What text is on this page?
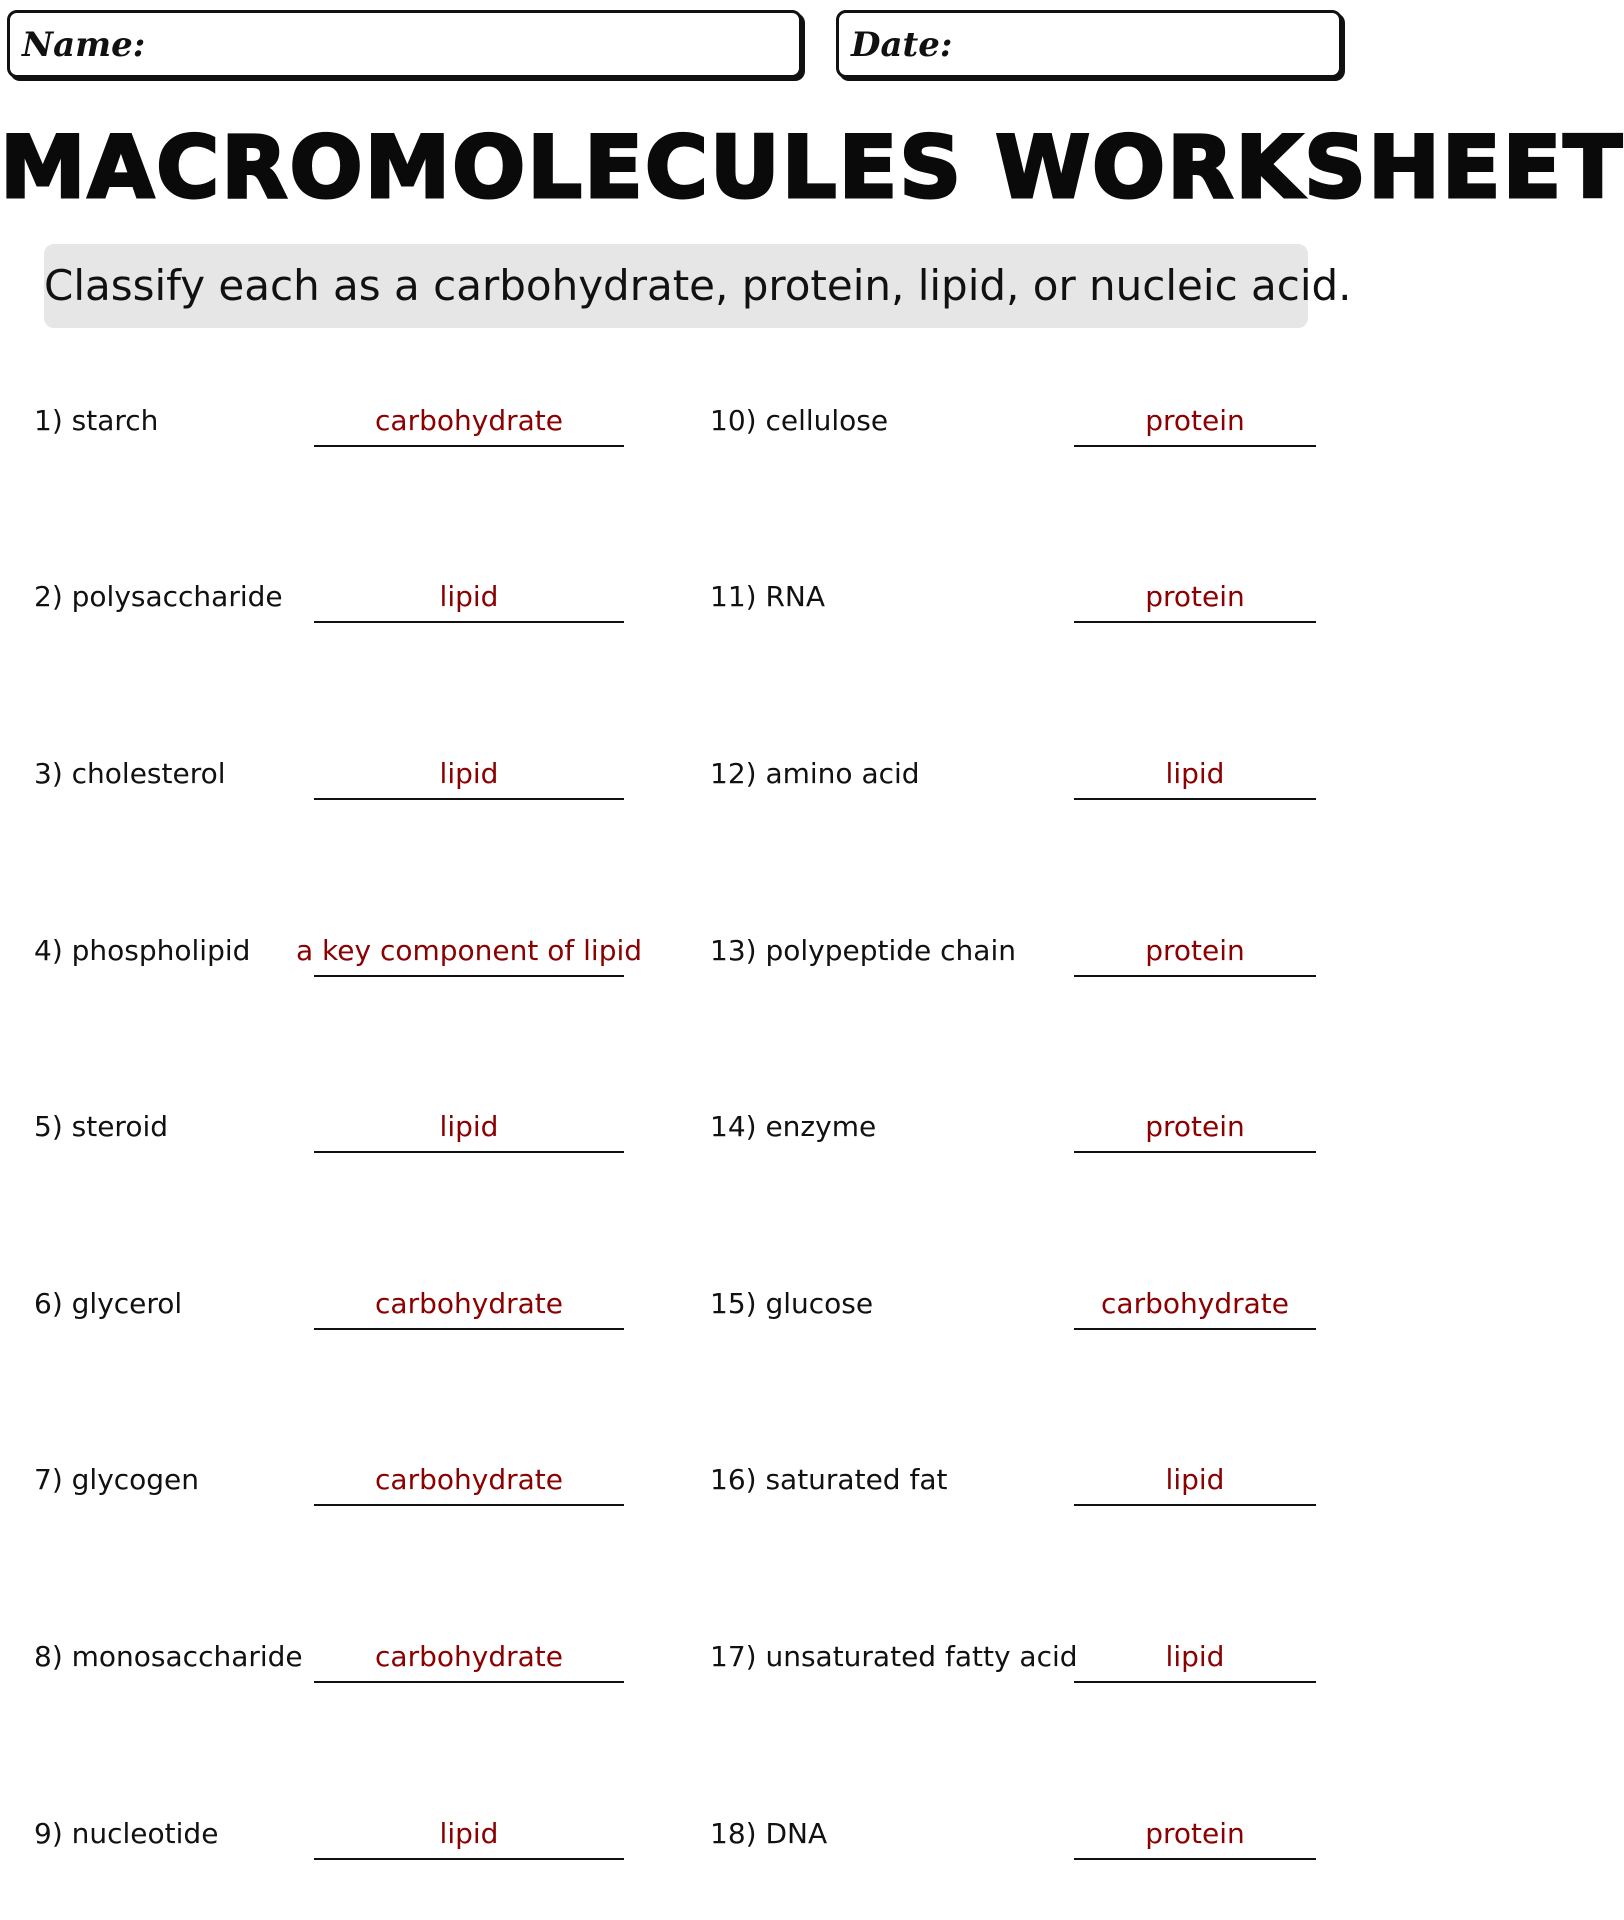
Name:	Date:
MACROMOLECULES WORKSHEET
Classify each as a carbohydrate, protein, lipid, or nucleic acid.
1) starch	carbohydrate
2) polysaccharide	lipid
3) cholesterol	lipid
4) phospholipid	a key component of lipid
5) steroid	lipid
6) glycerol	carbohydrate
7) glycogen	carbohydrate
8) monosaccharide	carbohydrate
9) nucleotide	lipid
10) cellulose	protein
11) RNA	protein
12) amino acid	lipid
13) polypeptide chain	protein
14) enzyme	protein
15) glucose	carbohydrate
16) saturated fat	lipid
17) unsaturated fatty acid	lipid
18) DNA	protein
